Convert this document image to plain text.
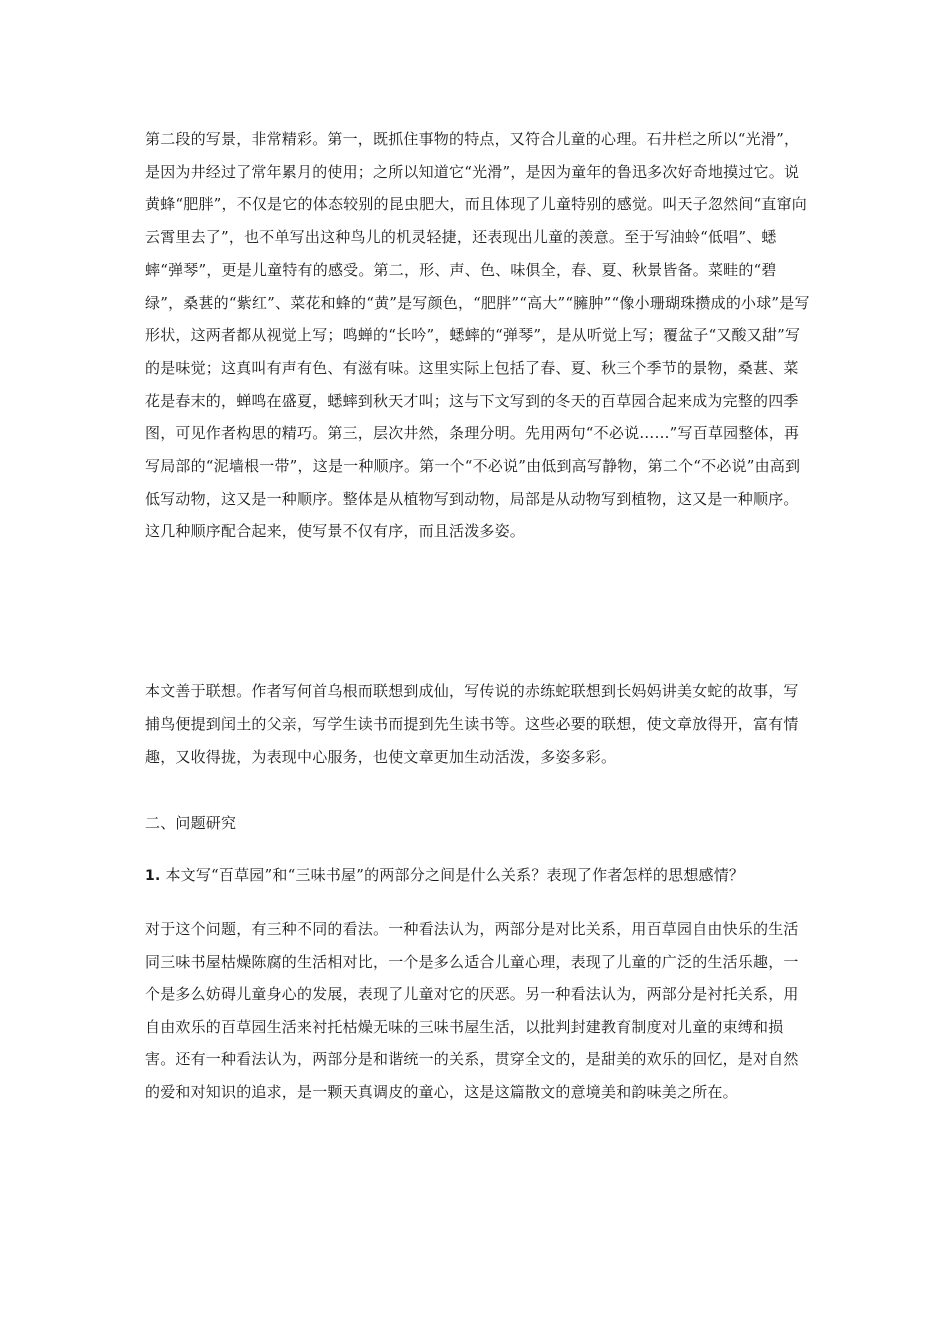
第二段的写景，非常精彩。第一，既抓住事物的特点，又符合儿童的心理。石井栏之所以“光滑”，是因为井经过了常年累月的使用；之所以知道它“光滑”，是因为童年的鲁迅多次好奇地摸过它。说黄蜂“肥胖”，不仅是它的体态较别的昆虫肥大，而且体现了儿童特别的感觉。叫天子忽然间“直窜向云霄里去了”，也不单写出这种鸟儿的机灵轻捷，还表现出儿童的羡意。至于写油蛉“低唱”、蟋蟀“弹琴”，更是儿童特有的感受。第二，形、声、色、味俱全，春、夏、秋景皆备。菜畦的“碧绿”，桑葚的“紫红”、菜花和蜂的“黄”是写颜色，“肥胖”“高大”“臃肿”“像小珊瑚珠攒成的小球”是写形状，这两者都从视觉上写；鸣蝉的“长吟”，蟋蟀的“弹琴”，是从听觉上写；覆盆子“又酸又甜”写的是味觉；这真叫有声有色、有滋有味。这里实际上包括了春、夏、秋三个季节的景物，桑葚、菜花是春末的，蝉鸣在盛夏，蟋蟀到秋天才叫；这与下文写到的冬天的百草园合起来成为完整的四季图，可见作者构思的精巧。第三，层次井然，条理分明。先用两句“不必说……”写百草园整体，再写局部的“泥墙根一带”，这是一种顺序。第一个“不必说”由低到高写静物，第二个“不必说”由高到低写动物，这又是一种顺序。整体是从植物写到动物，局部是从动物写到植物，这又是一种顺序。这几种顺序配合起来，使写景不仅有序，而且活泼多姿。
本文善于联想。作者写何首乌根而联想到成仙，写传说的赤练蛇联想到长妈妈讲美女蛇的故事，写捕鸟便提到闰土的父亲，写学生读书而提到先生读书等。这些必要的联想，使文章放得开，富有情趣，又收得拢，为表现中心服务，也使文章更加生动活泼，多姿多彩。
二、问题研究
1. 本文写“百草园”和“三味书屋”的两部分之间是什么关系？表现了作者怎样的思想感情？
对于这个问题，有三种不同的看法。一种看法认为，两部分是对比关系，用百草园自由快乐的生活同三味书屋枯燥陈腐的生活相对比，一个是多么适合儿童心理，表现了儿童的广泛的生活乐趣，一个是多么妨碍儿童身心的发展，表现了儿童对它的厌恶。另一种看法认为，两部分是衬托关系，用自由欢乐的百草园生活来衬托枯燥无味的三味书屋生活，以批判封建教育制度对儿童的束缚和损害。还有一种看法认为，两部分是和谐统一的关系，贯穿全文的，是甜美的欢乐的回忆，是对自然的爱和对知识的追求，是一颗天真调皮的童心，这是这篇散文的意境美和韵味美之所在。
